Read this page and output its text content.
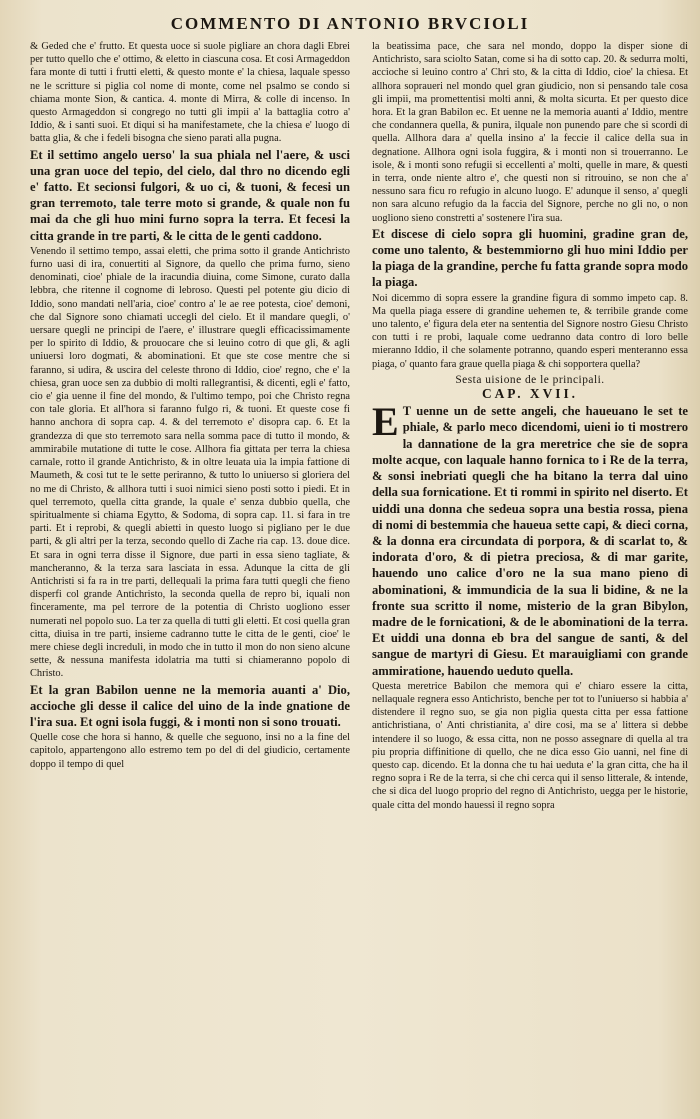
COMMENTO DI ANTONIO BRVCIOLI

& Geded che e' frutto. Et questa uoce si suole pigliare an chora dagli Ebrei per tutto quello che e' ottimo, & eletto in ciascuna cosa. Et cosi Armageddon fara monte di tutti i frutti eletti, & questo monte e' la chiesa, laquale spesso ne le scritture si piglia col nome di monte, come nel psalmo se condo si chiama monte Sion, & cantica. 4. monte di Mirra, & colle di incenso. In questo Armageddon si congrego no tutti gli impii a' la battaglia cotro a' Iddio, & i santi suoi. Et diqui si ha manifestamete, che la chiesa e' luogo di batta glia, & che i fedeli bisogna che sieno parati alla pugna.

Et il settimo angelo uerso' la sua phiala nel l'aere, & usci una gran uoce del tepio, del cielo, dal thro no dicendo egli e' fatto. Et secionsi fulgori, & uo ci, & tuoni, & fecesi un gran terremoto, tale terre moto si grande, & quale non fu mai da che gli huo mini furno sopra la terra. Et fecesi la citta grande in tre parti, & le citta de le genti caddono.

Venendo il settimo tempo, assai eletti, che prima sotto il grande Antichristo furno uasi di ira, conuertiti al Signore, da quello che prima furno, sieno denominati, cioe' phiale de la iracundia diuina, come Simone, curato dalla lebbra, che ritenne il cognome di lebroso. Questi pel potente giu dicio di Iddio, sono mandati nell'aria, cioe' contro a' le ae ree potesta, cioe' demoni, che dal Signore sono chiamati uccegli del cielo. Et il mandare quegli, o' uersare quegli ne principi de l'aere, e' illustrare quegli efficacissimamente per lo spirito di Iddio, & prouocare che si leuino cotro di que gli, & agli uniuersi loro dogmati, & abominationi. Et que ste cose mentre che si faranno, si udira, & uscira del celeste throno di Iddio, cioe' regno, che e' la chiesa, gran uoce sen za dubbio di molti rallegrantisi, & dicenti, egli e' fatto, cio e' gia uenne il fine del mondo, & l'ultimo tempo, poi che Christo regna con tale gloria. Et all'hora si faranno fulgo ri, & tuoni. Et queste cose fi hanno anchora di sopra cap. 4. & del terremoto e' disopra cap. 6. Et la grandezza di que sto terremoto sara nella somma pace di tutto il mondo, & ammirabile mutatione di tutte le cose. Allhora fia gittata per terra la chiesa carnale, rotto il grande Antichristo, & in oltre leuata uia la impia fattione di Maumeth, & cosi tut te le sette periranno, & tutto lo uniuerso si gloriera del no me di Christo, & allhora tutti i suoi nimici sieno posti sotto i piedi. Et in quel terremoto, quella citta grande, la quale e' senza dubbio quella, che spiritualmente si chiama Egytto, & Sodoma, di sopra cap. 11. si fara in tre parti. Et i reprobi, & quegli abietti in questo luogo si pigliano per le due parti, & gli altri per la terza, secondo quello di Zache ria cap. 13. doue dice. Et sara in ogni terra disse il Signore, due parti in essa sieno tagliate, & mancheranno, & la terza sara lasciata in essa. Adunque la citta de gli Antichristi si fa ra in tre parti, dellequali la prima fara tutti quegli che fieno disperfi col grande Antichristo, la seconda quella de repro bi, iquali non finceramente, ma pel terrore de la potentia di Christo uogliono esser numerati nel popolo suo. La ter za quella di tutti gli eletti. Et cosi quella gran citta, diuisa in tre parti, insieme cadranno tutte le citta de le genti, cioe' le mere chiese degli increduli, in modo che in tutto il mon do non sieno alcune sette, & nessuna manifesta idolatria ma tutti si chiameranno popolo di Christo.

Et la gran Babilon uenne ne la memoria auanti a' Dio, accioche gli desse il calice del uino de la inde gnatione de l'ira sua. Et ogni isola fuggi, & i monti non si sono trouati.

Quelle cose che hora si hanno, & quelle che seguono, insi no a la fine del capitolo, appartengono allo estremo tem po del di del giudicio, certamente doppo il tempo di quel

la beatissima pace, che sara nel mondo, doppo la disper sione di Antichristo, sara sciolto Satan, come si ha di sotto cap. 20. & sedurra molti, accioche si leuino contro a' Chri sto, & la citta di Iddio, cioe' la chiesa. Et allhora sopraueri nel mondo quel gran giudicio, non si pensando tale cosa gli impii, ma promettentisi molti anni, & molta sicurta. Et per questo dice hora. Et la gran Babilon ec. Et uenne ne la memoria auanti a' Iddio, mentre che condannera quella, & punira, ilquale non punendo pare che si scordi di quella. Allhora dara a' quella insino a' la feccie il calice della sua in degnatione. Allhora ogni isola fuggira, & i monti non si trouerranno. Le isole, & i monti sono refugii si eccellenti a' molti, quelle in mare, & questi in terra, onde niente altro e', che questi non si ritrouino, se non che a' nessuno sara ficu ro refugio in alcuno luogo. E' adunque il senso, a' quegli non sara alcuno refugio da la faccia del Signore, perche no gli no, o non uogliono sieno constretti a' sostenere l'ira sua.

Et discese di cielo sopra gli huomini, gradine gran de, come uno talento, & bestemmiorno gli huo mini Iddio per la piaga de la grandine, perche fu fatta grande sopra modo la piaga.

Noi dicemmo di sopra essere la grandine figura di sommo impeto cap. 8. Ma quella piaga essere di grandine uehemen te, & terribile grande come uno talento, e' figura dela eter na sententia del Signore nostro Giesu Christo con tutti i re probi, laquale come uedranno data contro di loro belle mieranno Iddio, il che solamente potranno, quando esperi menteranno essa piaga, o' quanto fara graue quella piaga & chi sopportera quella?

Sesta uisione de le principali.

CAP. XVII.

E T uenne un de sette angeli, che haueuano le set te phiale, & parlo meco dicendomi, uieni io ti mostrero la dannatione de la gra meretrice che sie de sopra molte acque, con laquale hanno fornica to i Re de la terra, & sonsi inebriati quegli che ha bitano la terra dal uino della sua fornicatione. Et ti rommi in spirito nel diserto. Et uiddi una donna che sedeua sopra una bestia rossa, piena di nomi di bestemmia che haueua sette capi, & dieci corna, & la donna era circundata di porpora, & di scarlat to, & indorata d'oro, & di pietra preciosa, & di mar garite, hauendo uno calice d'oro ne la sua mano pieno di abominationi, & immundicia de la sua li bidine, & ne la fronte sua scritto il nome, misterio de la gran Bibylon, madre de le fornicationi, & de le abominationi de la terra. Et uiddi una donna eb bra del sangue de santi, & del sangue de martyri di Giesu. Et marauigliami con grande ammiratione, hauendo ueduto quella.

Questa meretrice Babilon che memora qui e' chiaro essere la citta, nellaquale regnera esso Antichristo, benche per tot to l'uniuerso si habbia a' distendere il regno suo, se gia non piglia questa citta per essa fattione antichristiana, o' Anti christianita, a' dire cosi, ma se a' littera si debbe intendere il so luogo, & essa citta, non ne posso assegnare di quella al tra piu propria diffinitione di quello, che ne dica esso Gio uanni, nel fine di questo cap. dicendo. Et la donna che tu hai ueduta e' la gran citta, che ha il regno sopra i Re de la terra, si che chi cerca qui il senso litterale, & intende, che si dica del luogo proprio del regno di Antichristo, uegga per le historie, quale citta del mondo hauessi il regno sopra
